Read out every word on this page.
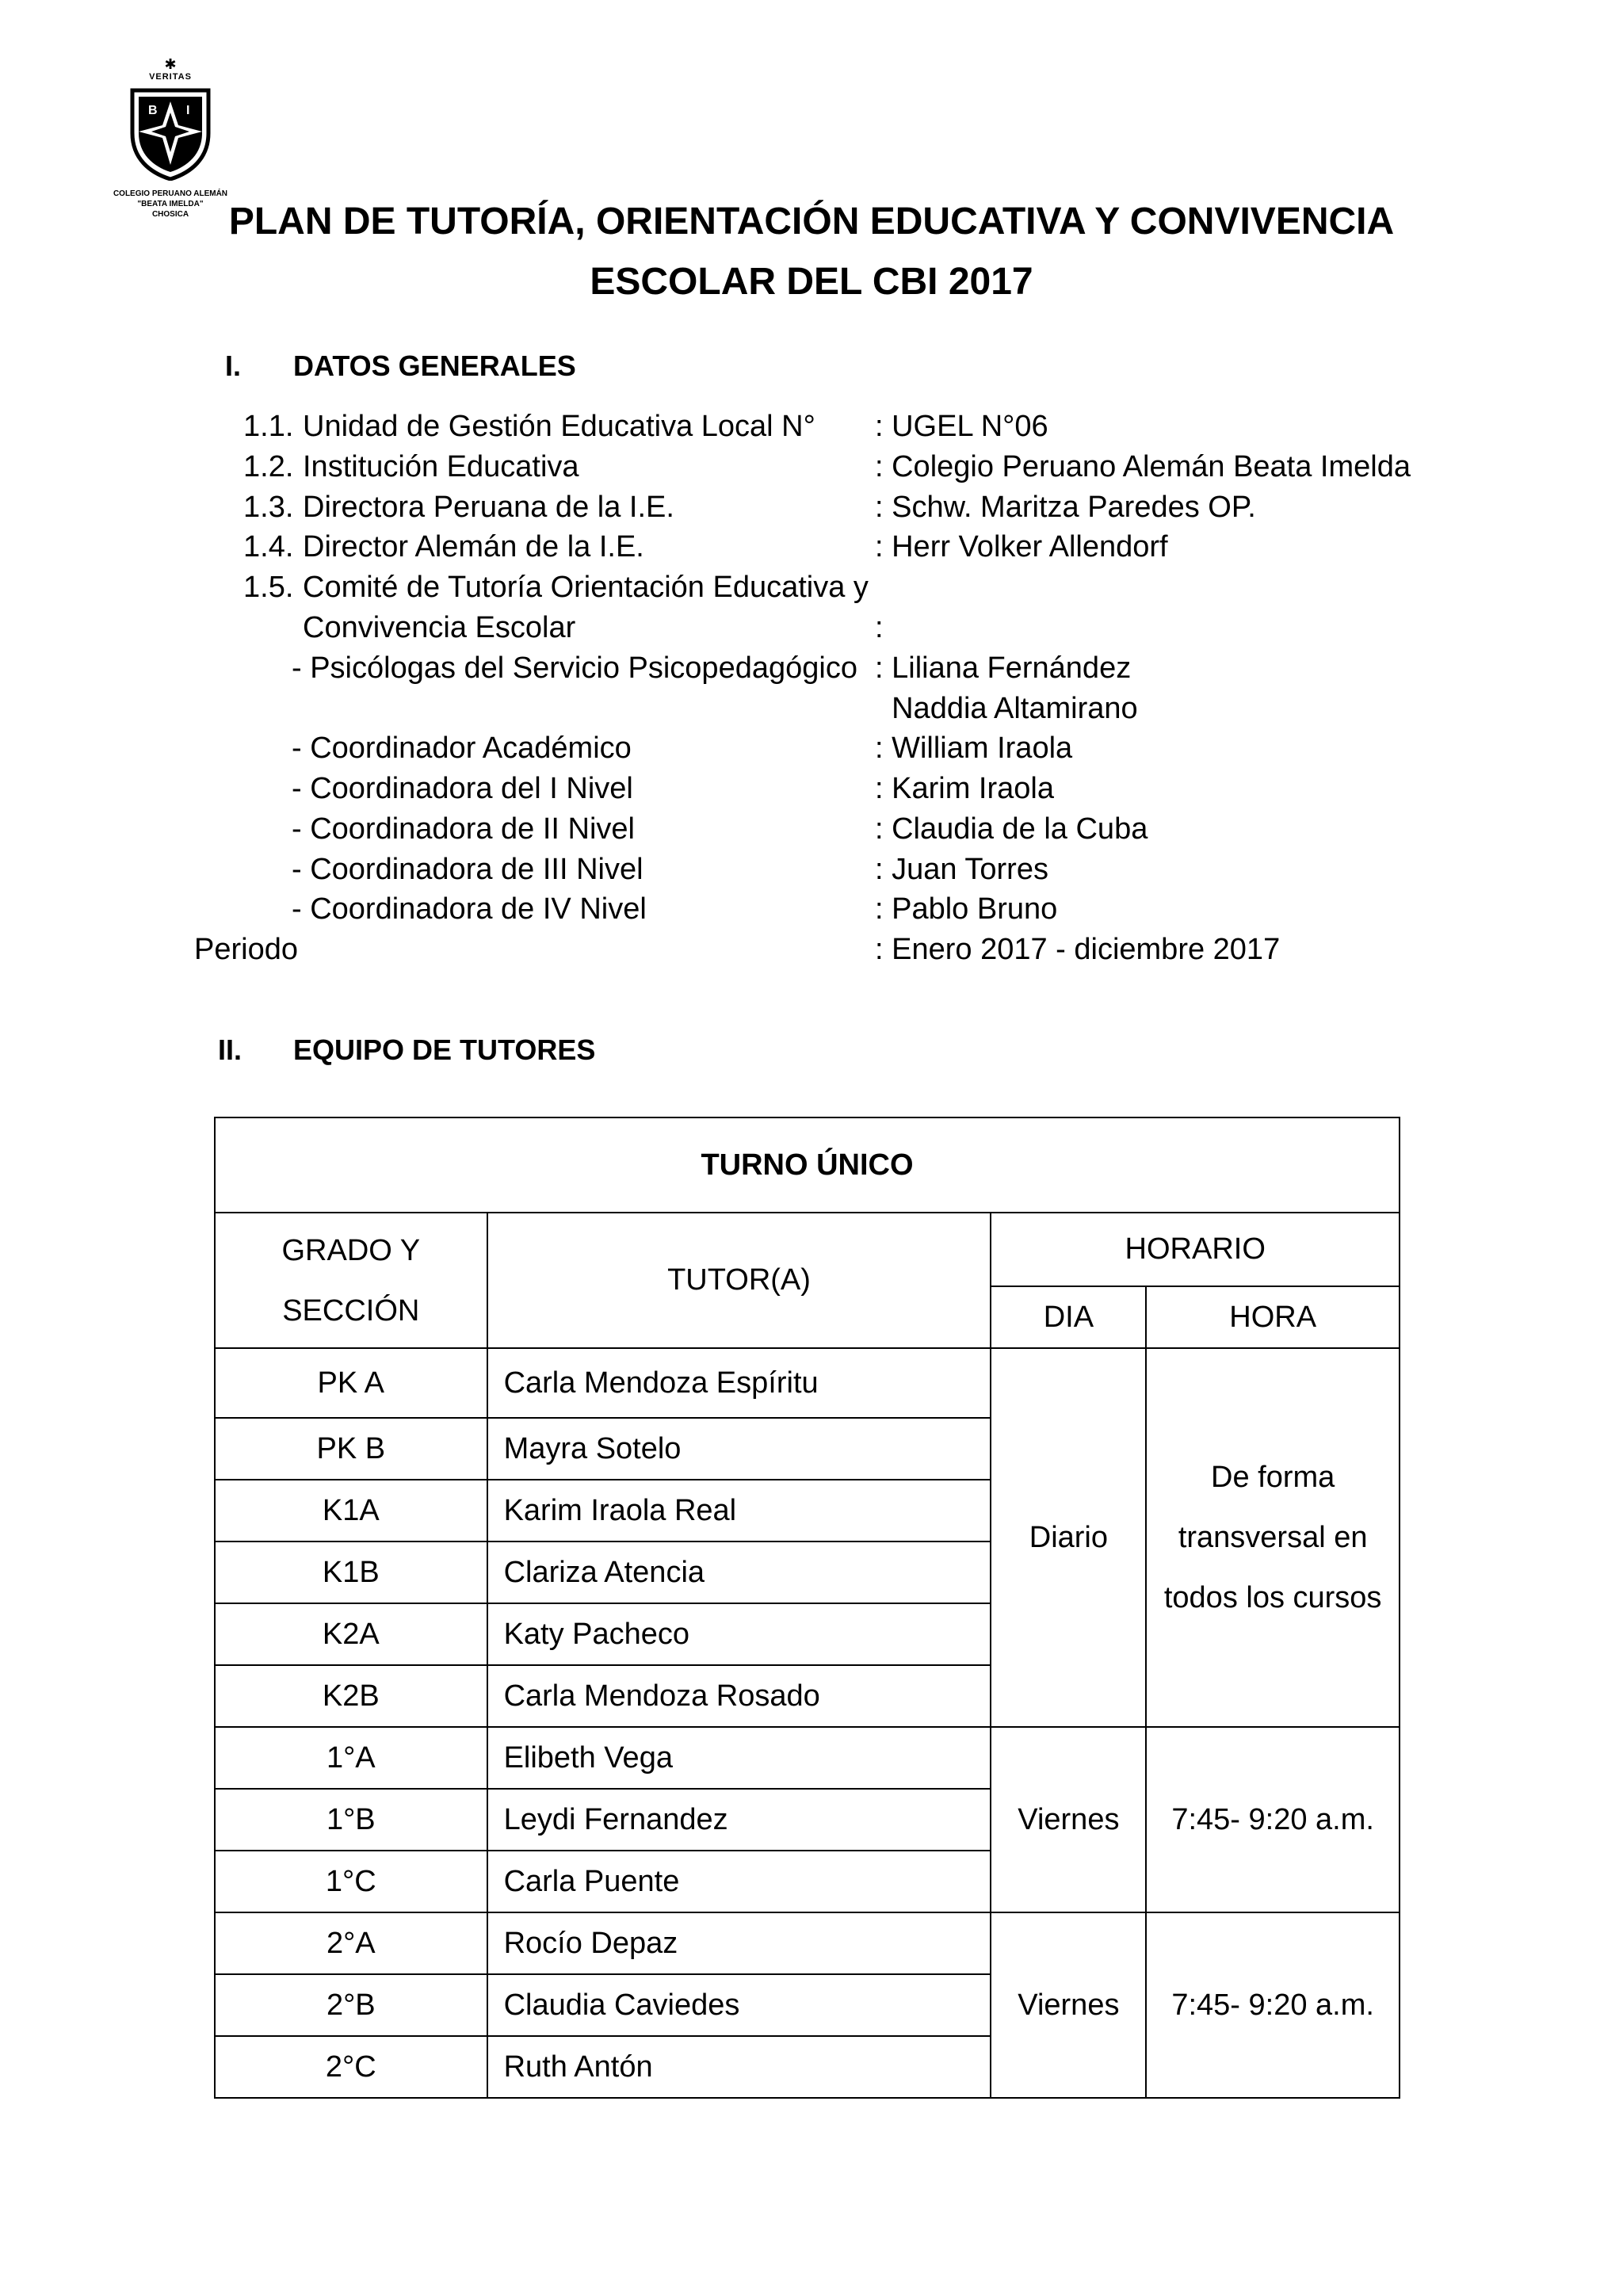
✱
VERITAS
B I
COLEGIO PERUANO ALEMÁN
"BEATA IMELDA"
CHOSICA	PLAN DE TUTORÍA, ORIENTACIÓN EDUCATIVA Y CONVIVENCIA
ESCOLAR DEL CBI 2017
I. DATOS GENERALES
1.1. Unidad de Gestión Educativa Local N° : UGEL N°06
1.2. Institución Educativa	: Colegio Peruano Alemán Beata Imelda
1.3. Directora Peruana de la I.E.	: Schw. Maritza Paredes OP.
1.4. Director Alemán de la I.E.	: Herr Volker Allendorf
1.5. Comité de Tutoría Orientación Educativa y
Convivencia Escolar	:
- Psicólogas del Servicio Psicopedagógico : Liliana Fernández
Naddia Altamirano
- Coordinador Académico	: William Iraola
- Coordinadora del I Nivel	: Karim Iraola
- Coordinadora de II Nivel	: Claudia de la Cuba
- Coordinadora de III Nivel	: Juan Torres
- Coordinadora de IV Nivel	: Pablo Bruno
Periodo	: Enero 2017 - diciembre 2017
II. EQUIPO DE TUTORES
TURNO ÚNICO			

GRADO Y
SECCIÓN	TUTOR(A)	HORARIO	
		DIA	HORA
PK A	Carla Mendoza Espíritu	Diario	De forma
transversal en
todos los cursos

PK B	Mayra Sotelo		
K1A	Karim Iraola Real		
K1B	Clariza Atencia		
K2A	Katy Pacheco		
K2B	Carla Mendoza Rosado		
1°A	Elibeth Vega	Viernes	7:45- 9:20 a.m.
1°B	Leydi Fernandez		
1°C	Carla Puente		
2°A	Rocío Depaz	Viernes	7:45- 9:20 a.m.
2°B	Claudia Caviedes		
2°C	Ruth Antón		
